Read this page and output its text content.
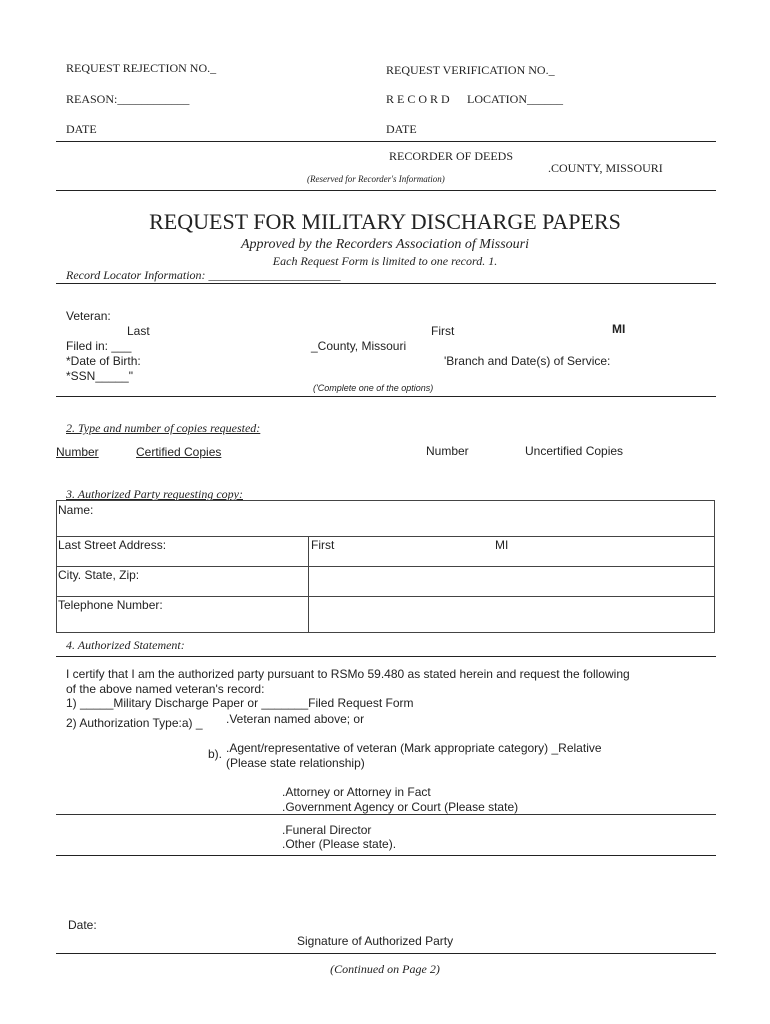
REQUEST REJECTION NO._	REQUEST VERIFICATION NO._
REASON:____________	R E C O R D LOCATION______
DATE	DATE
RECORDER OF DEEDS
.COUNTY, MISSOURI
(Reserved for Recorder's Information)
REQUEST FOR MILITARY DISCHARGE PAPERS
Approved by the Recorders Association of Missouri
Each Request Form is limited to one record. 1.
Record Locator Information: ______________________
Veteran:
Last	First	MI
Filed in: ___	_County, Missouri
*Date of Birth:	'Branch and Date(s) of Service:
*SSN_____"
('Complete one of the options)
2. Type and number of copies requested:
Number	Certified Copies	Number	Uncertified Copies
3. Authorized Party requesting copy:
Name:
Last Street Address:	First	MI
City. State, Zip:
Telephone Number:
4. Authorized Statement:
I certify that I am the authorized party pursuant to RSMo 59.480 as stated herein and request the following
of the above named veteran's record:
1) _____Military Discharge Paper or _______Filed Request Form
2) Authorization Type:a) _ .Veteran named above; or
b). .Agent/representative of veteran (Mark appropriate category) _Relative
(Please state relationship)
.Attorney or Attorney in Fact
.Government Agency or Court (Please state)
.Funeral Director
.Other (Please state).
Date:
Signature of Authorized Party
(Continued on Page 2)
